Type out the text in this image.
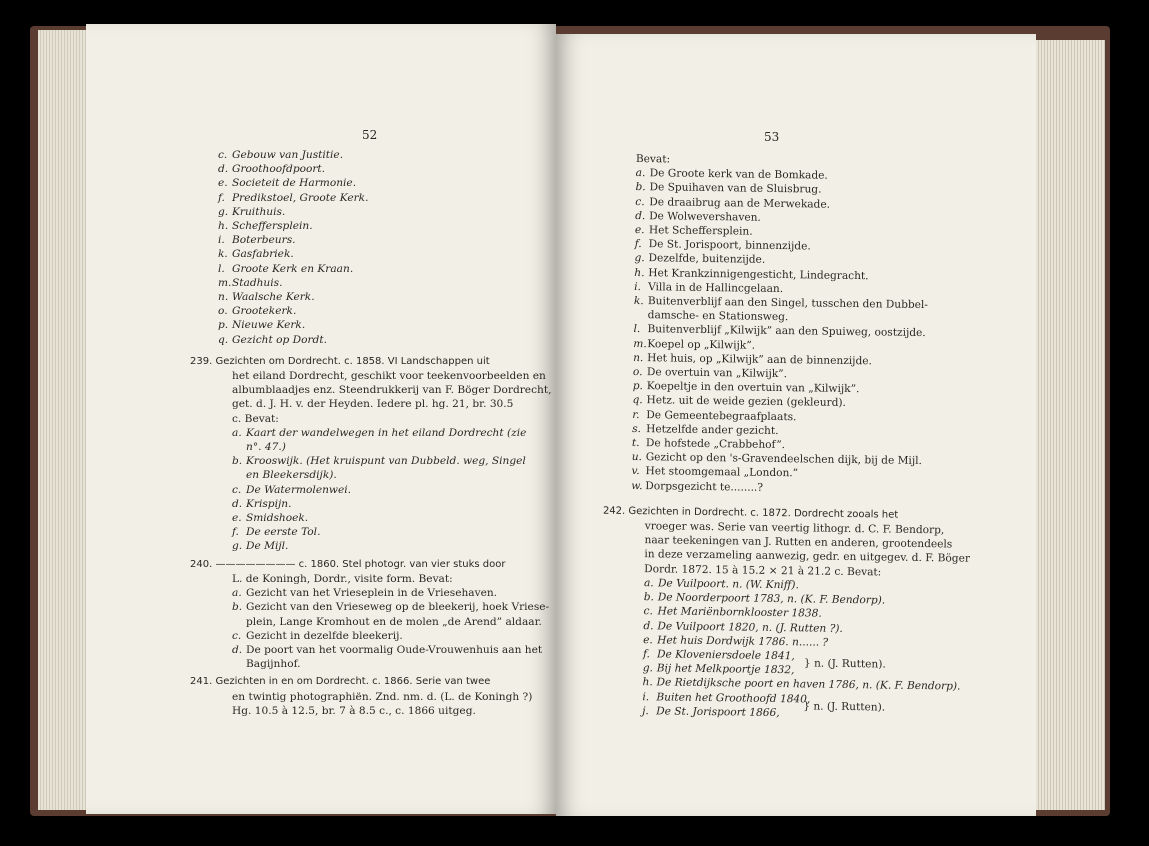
52
c. Gebouw van Justitie.
d. Groothoofdpoort.
e. Societeit de Harmonie.
f. Predikstoel, Groote Kerk.
g. Kruithuis.
h. Scheffersplein.
i. Boterbeurs.
k. Gasfabriek.
l. Groote Kerk en Kraan.
m.Stadhuis.
n. Waalsche Kerk.
o. Grootekerk.
p. Nieuwe Kerk.
q. Gezicht op Dordt.
239. Gezichten om Dordrecht. c. 1858. VI Landschappen uit
het eiland Dordrecht, geschikt voor teekenvoorbeelden en
albumblaadjes enz. Steendrukkerij van F. Böger Dordrecht,
get. d. J. H. v. der Heyden. Iedere pl. hg. 21, br. 30.5
c. Bevat:
a. Kaart der wandelwegen in het eiland Dordrecht (zie
n°. 47.)
b. Krooswijk. (Het kruispunt van Dubbeld. weg, Singel
en Bleekersdijk).
c. De Watermolenwei.
d. Krispijn.
e. Smidshoek.
f. De eerste Tol.
g. De Mijl.
240. ———————— c. 1860. Stel photogr. van vier stuks door
L. de Koningh, Dordr., visite form. Bevat:
a. Gezicht van het Vrieseplein in de Vriesehaven.
b. Gezicht van den Vrieseweg op de bleekerij, hoek Vriese-
plein, Lange Kromhout en de molen „de Arend” aldaar.
c. Gezicht in dezelfde bleekerij.
d. De poort van het voormalig Oude-Vrouwenhuis aan het
Bagijnhof.
241. Gezichten in en om Dordrecht. c. 1866. Serie van twee
en twintig photographiën. Znd. nm. d. (L. de Koningh ?)
Hg. 10.5 à 12.5, br. 7 à 8.5 c., c. 1866 uitgeg.
53
Bevat:
a. De Groote kerk van de Bomkade.
b. De Spuihaven van de Sluisbrug.
c. De draaibrug aan de Merwekade.
d. De Wolwevershaven.
e. Het Scheffersplein.
f. De St. Jorispoort, binnenzijde.
g. Dezelfde, buitenzijde.
h. Het Krankzinnigengesticht, Lindegracht.
i. Villa in de Hallincgelaan.
k. Buitenverblijf aan den Singel, tusschen den Dubbel-
damsche- en Stationsweg.
l. Buitenverblijf „Kilwijk” aan den Spuiweg, oostzijde.
m.Koepel op „Kilwijk”.
n. Het huis, op „Kilwijk” aan de binnenzijde.
o. De overtuin van „Kilwijk”.
p. Koepeltje in den overtuin van „Kilwijk”.
q. Hetz. uit de weide gezien (gekleurd).
r. De Gemeentebegraafplaats.
s. Hetzelfde ander gezicht.
t. De hofstede „Crabbehof”.
u. Gezicht op den 's-Gravendeelschen dijk, bij de Mijl.
v. Het stoomgemaal „London.”
w. Dorpsgezicht te........?
242. Gezichten in Dordrecht. c. 1872. Dordrecht zooals het
vroeger was. Serie van veertig lithogr. d. C. F. Bendorp,
naar teekeningen van J. Rutten en anderen, grootendeels
in deze verzameling aanwezig, gedr. en uitgegev. d. F. Böger
Dordr. 1872. 15 à 15.2 × 21 à 21.2 c. Bevat:
a. De Vuilpoort. n. (W. Kniff).
b. De Noorderpoort 1783, n. (K. F. Bendorp).
c. Het Mariënbornklooster 1838.
d. De Vuilpoort 1820, n. (J. Rutten ?).
e. Het huis Dordwijk 1786. n...... ?
f. De Kloveniersdoele 1841,
} n. (J. Rutten).
g. Bij het Melkpoortje 1832,
h. De Rietdijksche poort en haven 1786, n. (K. F. Bendorp).
i. Buiten het Groothoofd 1840,
} n. (J. Rutten).
j. De St. Jorispoort 1866,
